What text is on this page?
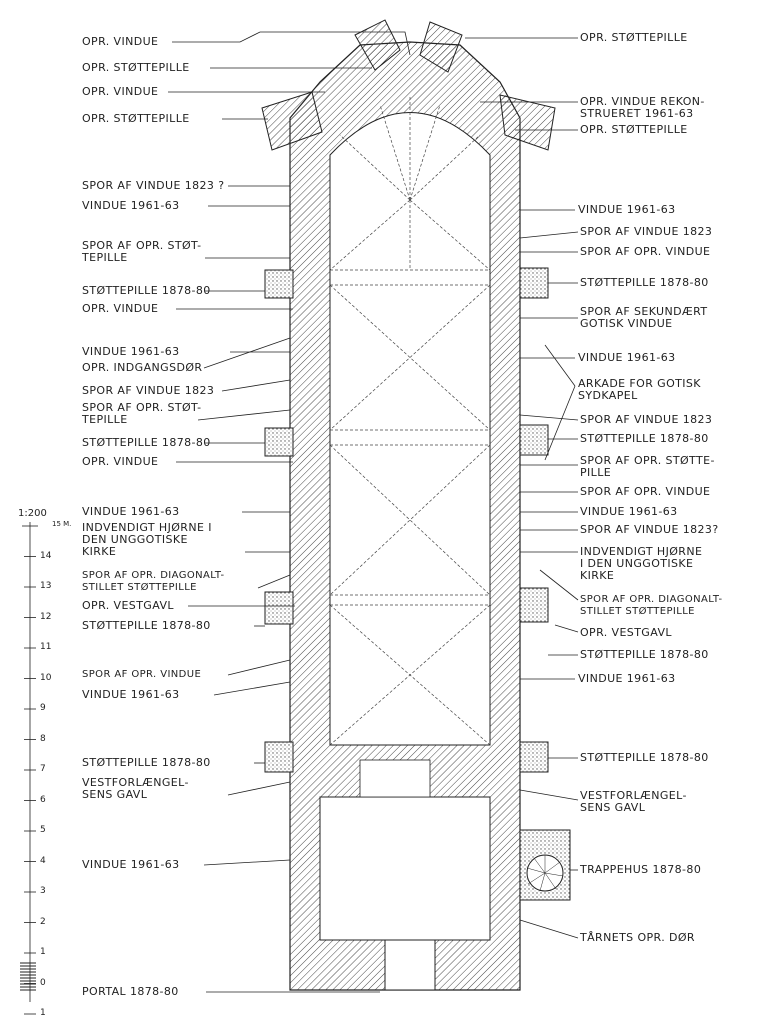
OPR. VINDUE
OPR. STØTTEPILLE
OPR. VINDUE
OPR. STØTTEPILLE
SPOR AF VINDUE 1823 ?
VINDUE 1961-63
SPOR AF OPR. STØT-
TEPILLE
STØTTEPILLE 1878-80
OPR. VINDUE
VINDUE 1961-63
OPR. INDGANGSDØR
SPOR AF VINDUE 1823
SPOR AF OPR. STØT-
TEPILLE
STØTTEPILLE 1878-80
OPR. VINDUE
VINDUE 1961-63
INDVENDIGT HJØRNE I
DEN UNGGOTISKE
KIRKE
SPOR AF OPR. DIAGONALT-
STILLET STØTTEPILLE
OPR. VESTGAVL
STØTTEPILLE 1878-80
SPOR AF OPR. VINDUE
VINDUE 1961-63
STØTTEPILLE 1878-80
VESTFORLÆNGEL-
SENS GAVL
VINDUE 1961-63
PORTAL 1878-80
OPR. STØTTEPILLE
OPR. VINDUE REKON-
STRUERET 1961-63
OPR. STØTTEPILLE
VINDUE 1961-63
SPOR AF VINDUE 1823
SPOR AF OPR. VINDUE
STØTTEPILLE 1878-80
SPOR AF SEKUNDÆRT
GOTISK VINDUE
VINDUE 1961-63
ARKADE FOR GOTISK
SYDKAPEL
SPOR AF VINDUE 1823
STØTTEPILLE 1878-80
SPOR AF OPR. STØTTE-
PILLE
SPOR AF OPR. VINDUE
VINDUE 1961-63
SPOR AF VINDUE 1823?
INDVENDIGT HJØRNE
I DEN UNGGOTISKE
KIRKE
SPOR AF OPR. DIAGONALT-
STILLET STØTTEPILLE
OPR. VESTGAVL
STØTTEPILLE 1878-80
VINDUE 1961-63
STØTTEPILLE 1878-80
VESTFORLÆNGEL-
SENS GAVL
TRAPPEHUS 1878-80
TÅRNETS OPR. DØR
1:200
15 M.
14
13
12
11
10
9
8
7
6
5
4
3
2
1
0
1
